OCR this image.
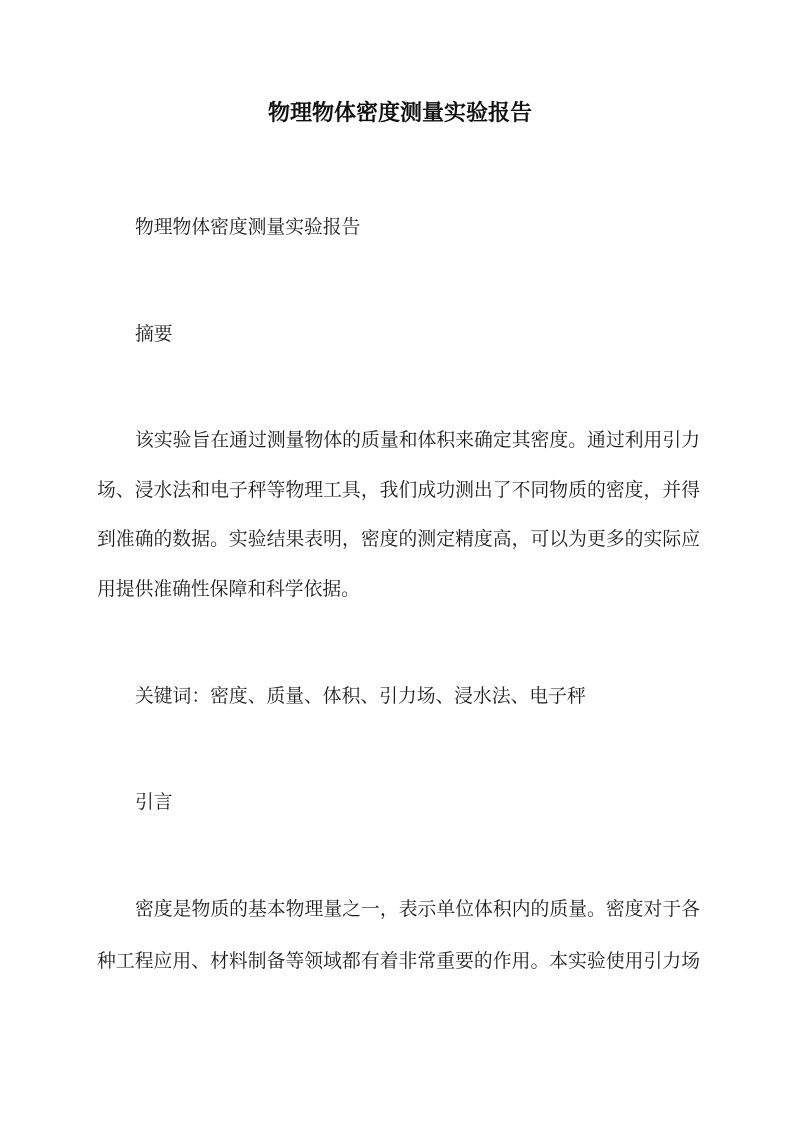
物理物体密度测量实验报告
物理物体密度测量实验报告
摘要
该实验旨在通过测量物体的质量和体积来确定其密度。通过利用引力
场、浸水法和电子秤等物理工具，我们成功测出了不同物质的密度，并得
到准确的数据。实验结果表明，密度的测定精度高，可以为更多的实际应
用提供准确性保障和科学依据。
关键词：密度、质量、体积、引力场、浸水法、电子秤
引言
密度是物质的基本物理量之一，表示单位体积内的质量。密度对于各
种工程应用、材料制备等领域都有着非常重要的作用。本实验使用引力场
